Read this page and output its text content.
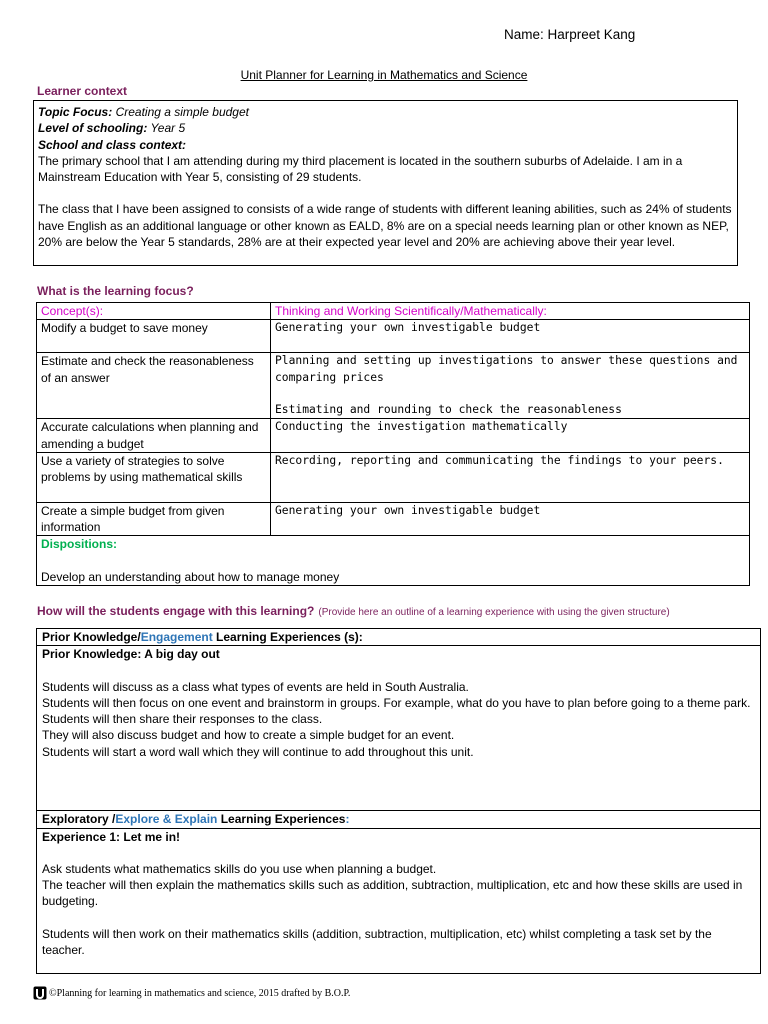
Name: Harpreet Kang
Unit Planner for Learning in Mathematics and Science
Learner context

Topic Focus: Creating a simple budget

Level of schooling: Year 5

School and class context:

The primary school that I am attending during my third placement is located in the southern suburbs of Adelaide. I am in a Mainstream Education with Year 5, consisting of 29 students.

The class that I have been assigned to consists of a wide range of students with different leaning abilities, such as 24% of students have English as an additional language or other known as EALD, 8% are on a special needs learning plan or other known as NEP, 20% are below the Year 5 standards, 28% are at their expected year level and 20% are achieving above their year level.

What is the learning focus?
Concept(s):	Thinking and Working Scientifically/Mathematically:
Modify a budget to save money	Generating your own investigable budget
Estimate and check the reasonableness of an answer	Planning and setting up investigations to answer these questions and comparing prices
Estimating and rounding to check the reasonableness

Accurate calculations when planning and amending a budget	Conducting the investigation mathematically
Use a variety of strategies to solve problems by using mathematical skills	Recording, reporting and communicating the findings to your peers.
Create a simple budget from given information	Generating your own investigable budget

Dispositions:
Develop an understanding about how to manage money	
How will the students engage with this learning? (Provide here an outline of a learning experience with using the given structure)
Prior Knowledge/Engagement Learning Experiences (s):

Prior Knowledge: A big day out

Students will discuss as a class what types of events are held in South Australia.

Students will then focus on one event and brainstorm in groups. For example, what do you have to plan before going to a theme park.

Students will then share their responses to the class.

They will also discuss budget and how to create a simple budget for an event.

Students will start a word wall which they will continue to add throughout this unit.

Exploratory /Explore & Explain Learning Experiences:

Experience 1: Let me in!

Ask students what mathematics skills do you use when planning a budget.

The teacher will then explain the mathematics skills such as addition, subtraction, multiplication, etc and how these skills are used in budgeting.

Students will then work on their mathematics skills (addition, subtraction, multiplication, etc) whilst completing a task set by the teacher.

©Planning for learning in mathematics and science, 2015 drafted by B.O.P.
